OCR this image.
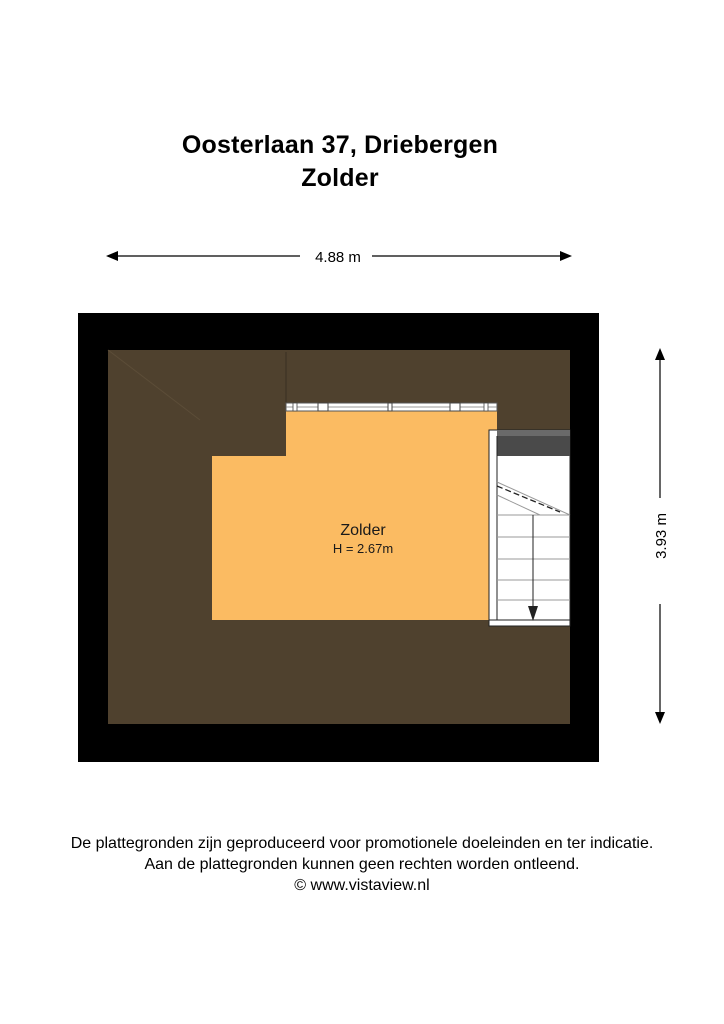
Oosterlaan 37, Driebergen
Zolder
4.88 m
3.93 m
Zolder
H = 2.67m
De plattegronden zijn geproduceerd voor promotionele doeleinden en ter indicatie.
Aan de plattegronden kunnen geen rechten worden ontleend.
© www.vistaview.nl
